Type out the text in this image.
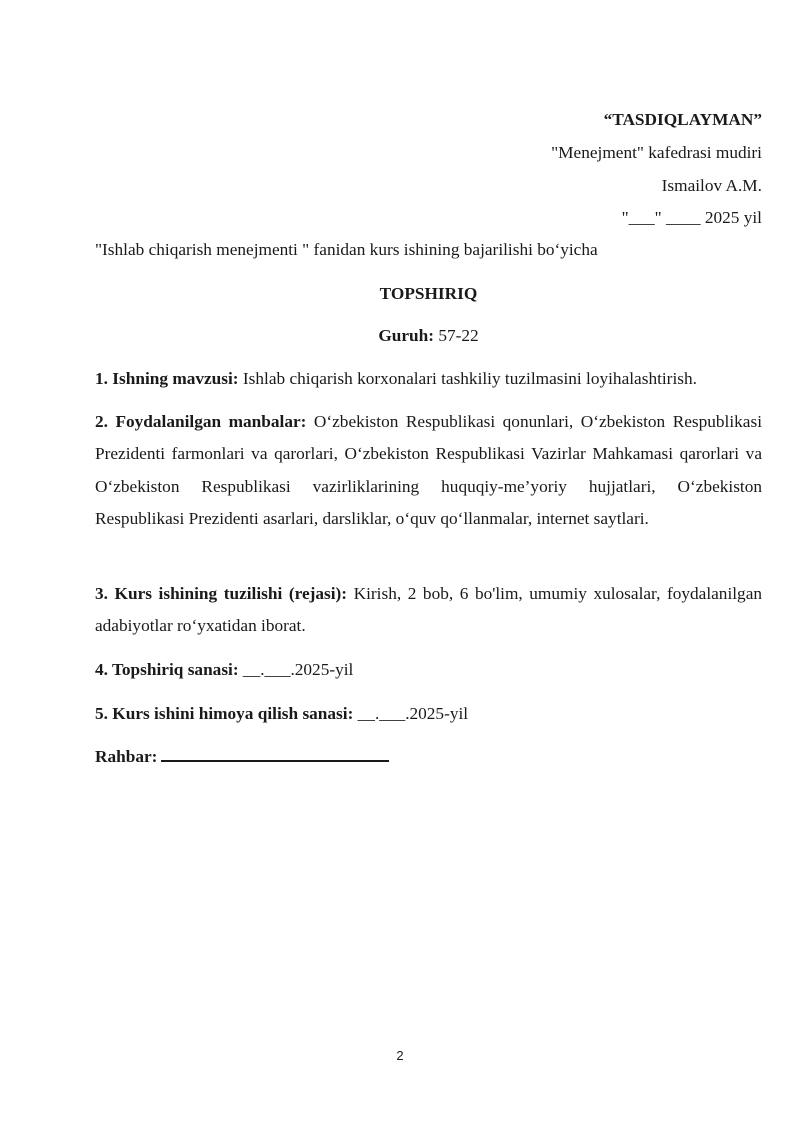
“TASDIQLAYMAN”
"Menejment" kafedrasi mudiri
Ismailov A.M.
"___" ____ 2025 yil
"Ishlab chiqarish menejmenti " fanidan kurs ishining bajarilishi bo‘yicha
TOPSHIRIQ
Guruh: 57-22

1. Ishning mavzusi: Ishlab chiqarish korxonalari tashkiliy tuzilmasini loyihalashtirish.

2. Foydalanilgan manbalar: O‘zbekiston Respublikasi qonunlari, O‘zbekiston Respublikasi Prezidenti farmonlari va qarorlari, O‘zbekiston Respublikasi Vazirlar Mahkamasi qarorlari va O‘zbekiston Respublikasi vazirliklarining huquqiy-me’yoriy hujjatlari, O‘zbekiston Respublikasi Prezidenti asarlari, darsliklar, o‘quv qo‘llanmalar, internet saytlari.

3. Kurs ishining tuzilishi (rejasi): Kirish, 2 bob, 6 bo'lim, umumiy xulosalar, foydalanilgan adabiyotlar ro‘yxatidan iborat.

4. Topshiriq sanasi: __.___.2025-yil

5. Kurs ishini himoya qilish sanasi: __.___.2025-yil

Rahbar:

2
